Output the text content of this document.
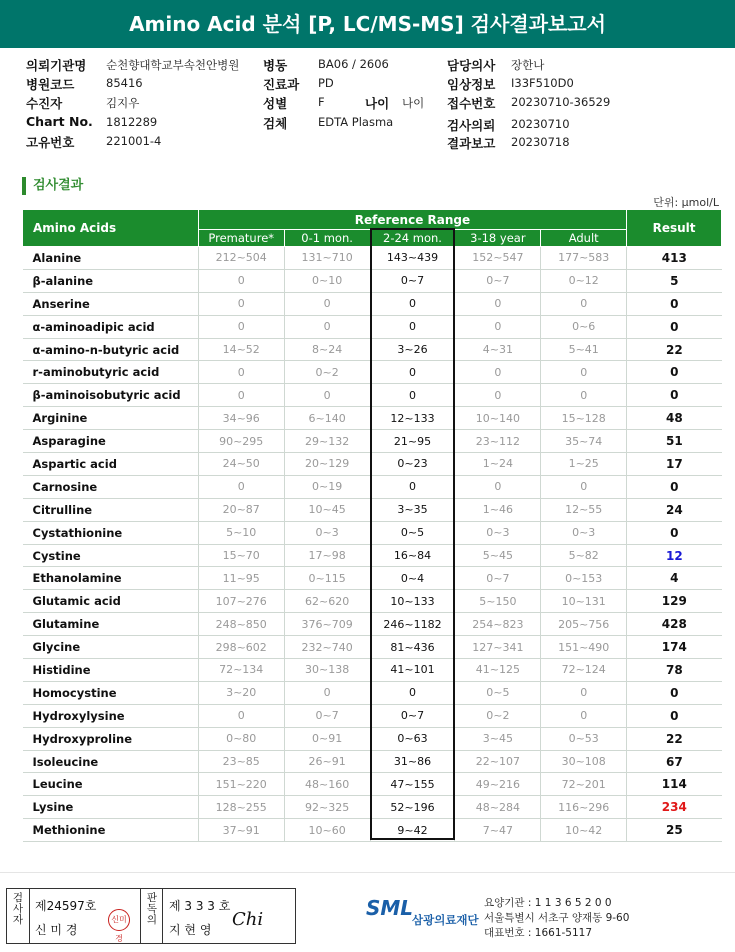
Amino Acid 분석 [P, LC/MS-MS] 검사결과보고서
의뢰기관명 순천향대학교부속천안병원
병원코드	85416
수진자	김지우
Chart No. 1812289
고유번호	221001-4
병동	BA06 / 2606
진료과 PD
성별	F	나이 나이
검체	EDTA Plasma
담당의사 장한나
임상정보 I33F510D0
접수번호 20230710-36529
검사의뢰 20230710
결과보고 20230718
검사결과
단위: μmol/L
Amino Acids	Reference Range					Result
	Premature*	0-1 mon.	2-24 mon.	3-18 year	Adult	
Alanine	212~504	131~710	143~439	152~547	177~583	413
β-alanine	0	0~10	0~7	0~7	0~12	5
Anserine	0	0	0	0	0	0
α-aminoadipic acid	0	0	0	0	0~6	0
α-amino-n-butyric acid	14~52	8~24	3~26	4~31	5~41	22
r-aminobutyric acid	0	0~2	0	0	0	0
β-aminoisobutyric acid	0	0	0	0	0	0
Arginine	34~96	6~140	12~133	10~140	15~128	48
Asparagine	90~295	29~132	21~95	23~112	35~74	51
Aspartic acid	24~50	20~129	0~23	1~24	1~25	17
Carnosine	0	0~19	0	0	0	0
Citrulline	20~87	10~45	3~35	1~46	12~55	24
Cystathionine	5~10	0~3	0~5	0~3	0~3	0
Cystine	15~70	17~98	16~84	5~45	5~82	12
Ethanolamine	11~95	0~115	0~4	0~7	0~153	4
Glutamic acid	107~276	62~620	10~133	5~150	10~131	129
Glutamine	248~850	376~709	246~1182	254~823	205~756	428
Glycine	298~602	232~740	81~436	127~341	151~490	174
Histidine	72~134	30~138	41~101	41~125	72~124	78
Homocystine	3~20	0	0	0~5	0	0
Hydroxylysine	0	0~7	0~7	0~2	0	0
Hydroxyproline	0~80	0~91	0~63	3~45	0~53	22
Isoleucine	23~85	26~91	31~86	22~107	30~108	67
Leucine	151~220	48~160	47~155	49~216	72~201	114
Lysine	128~255	92~325	52~196	48~284	116~296	234
Methionine	37~91	10~60	9~42	7~47	10~42	25
검사자
제24597호
신 미 경
신미경
판독의
제 3 3 3 호
지 현 영 Chi	SML
삼광의료재단
요양기관 : 1 1 3 6 5 2 0 0
서울특별시 서초구 양재동 9-60
대표번호 : 1661-5117
